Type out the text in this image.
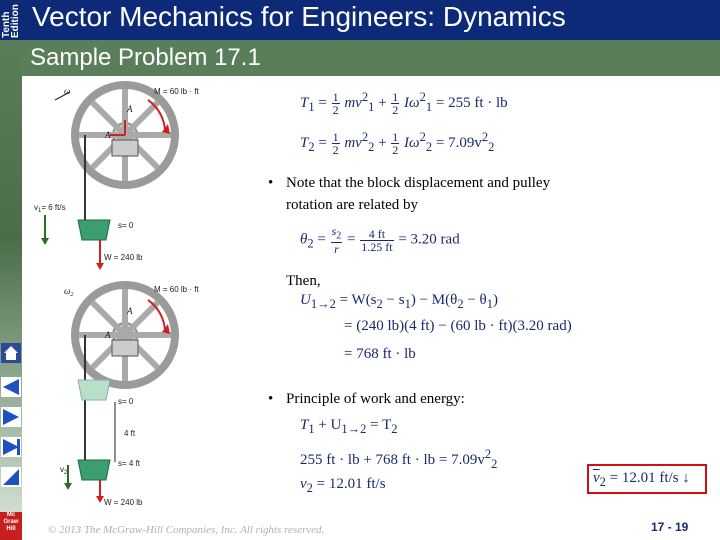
Tenth
Edition Vector Mechanics for Engineers: Dynamics
Sample Problem 17.1
Mc
Graw
Hill
ω	M = 60 lb · ft
A
A
$v_1= 6$ ft/s
s= 0
W = 240 lb
$\omega_2$
M = 60 lb · ft
A
A
s= 0
4 ft
s= 4 ft
$v_2$
W = 240 lb
$T_1 = \frac{1}{2} mv^2_1 + \frac{1}{2} I\omega^2_1 = 255$ ft · lb
$T_2 = \frac{1}{2} mv^2_2 + \frac{1}{2} I\omega^2_2 = 7.09v^2_2$
• Note that the block displacement and pulley
rotation are related by
$\theta_2 = \frac{s_2}{r} = \frac{4 ft}{1.25 ft} = 3.20$ rad
Then,
$U_{1\to 2} = W(s_2 - s_1) - M(\theta_2 - \theta_1)$
= (240 lb)(4 ft) − (60 lb · ft)(3.20 rad)
= 768 ft · lb
• Principle of work and energy:
$T_1 + U_{1\to 2} = T_2$
255 ft · lb + 768 ft · lb = $7.09v^2_2$
$v_2 = 12.01$ ft/s	$\overline{v}_2 = 12.01$ ft/s ↓
© 2013 The McGraw-Hill Companies, Inc. All rights reserved.	17 - 19
